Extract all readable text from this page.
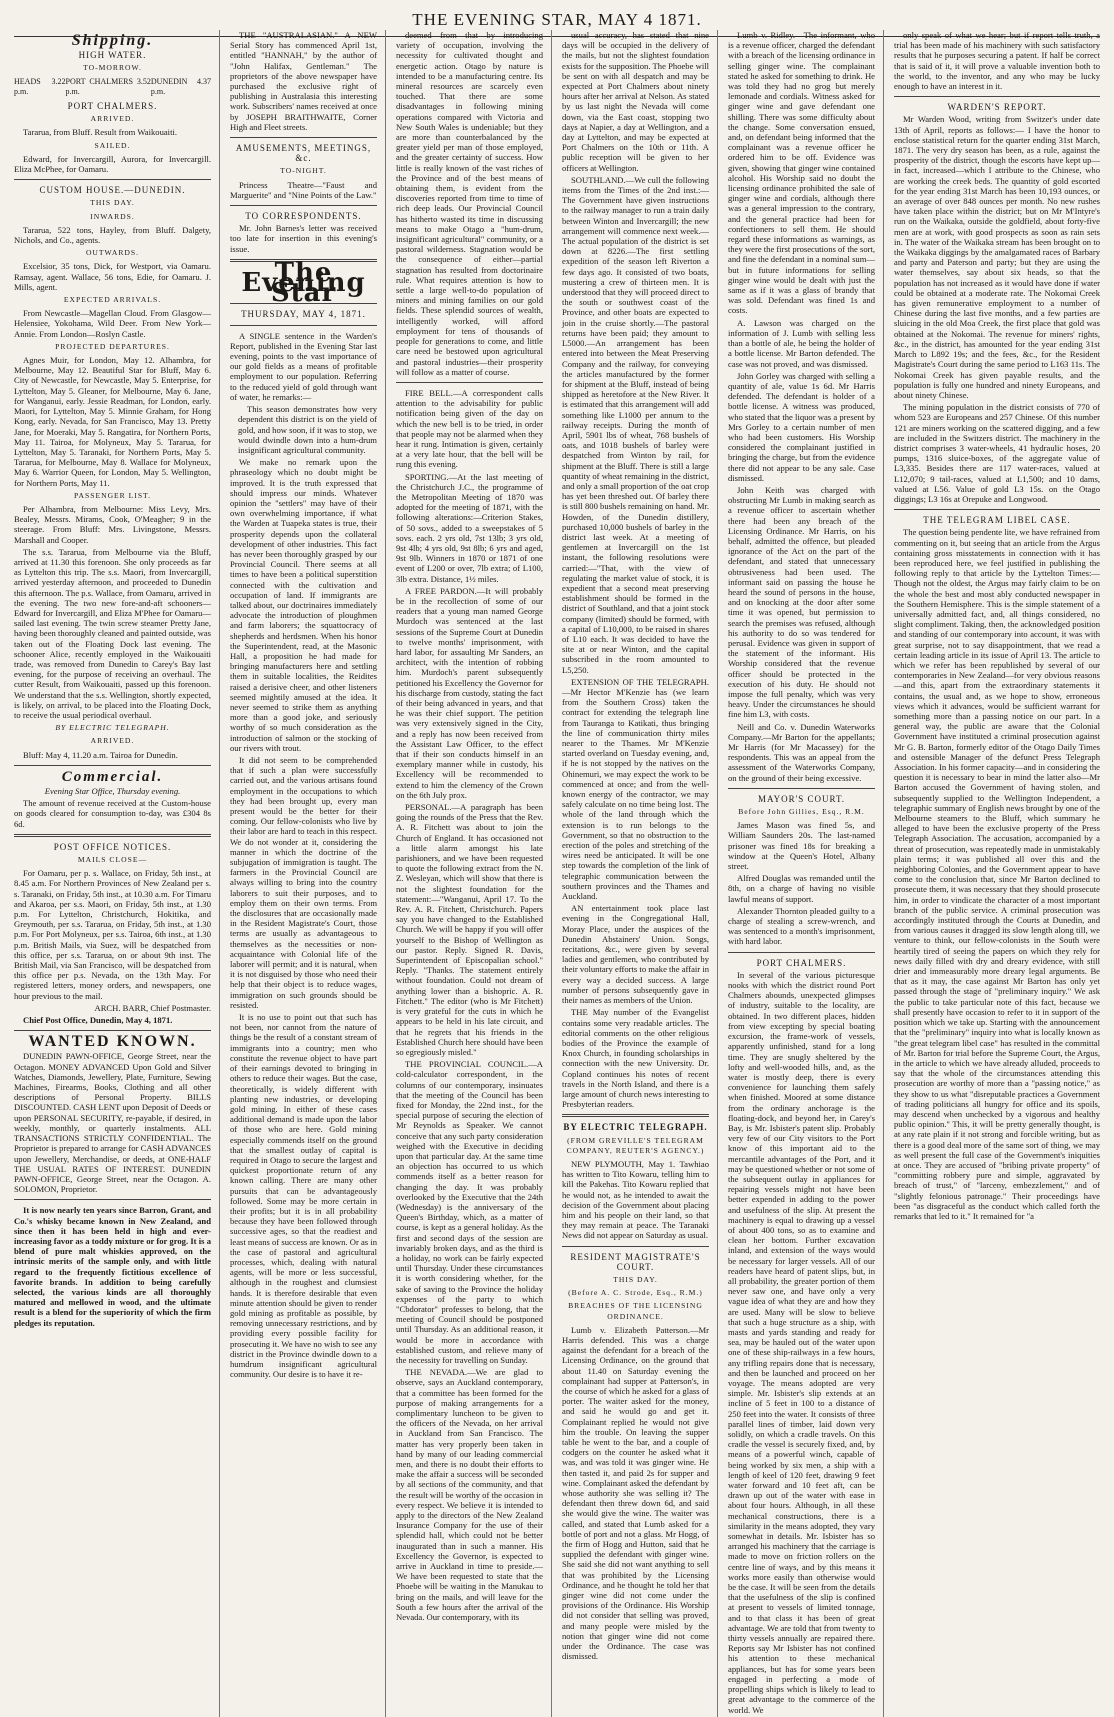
THE EVENING STAR, MAY 4 1871.
Shipping.
HIGH WATER.
TO-MORROW.
HEADS 3.22 p.m.
PORT CHALMERS 3.52 p.m.
DUNEDIN 4.37 p.m.
PORT CHALMERS.
ARRIVED.

Tararua, from Bluff. Result from Waikouaiti.

SAILED.

Edward, for Invercargill, Aurora, for Invercargill. Eliza McPhee, for Oamaru.

CUSTOM HOUSE.—DUNEDIN.
THIS DAY.
INWARDS.

Tararua, 522 tons, Hayley, from Bluff. Dalgety, Nichols, and Co., agents.

OUTWARDS.

Excelsior, 35 tons, Dick, for Westport, via Oamaru. Ramsay, agent. Wallace, 56 tons, Edie, for Oamaru. J. Mills, agent.

EXPECTED ARRIVALS.

From Newcastle—Magellan Cloud. From Glasgow—Helensiee, Yokohama, Wild Deer. From New York—Annie. From London—Roslyn Castle.

PROJECTED DEPARTURES.

Agnes Muir, for London, May 12. Alhambra, for Melbourne, May 12. Beautiful Star for Bluff, May 6. City of Newcastle, for Newcastle, May 5. Enterprise, for Lyttelton, May 5. Gleaner, for Melbourne, May 6. Jane, for Wanganui, early. Jessie Readman, for London, early. Maori, for Lyttelton, May 5. Minnie Graham, for Hong Kong, early. Nevada, for San Francisco, May 13. Pretty Jane, for Moeraki, May 5. Rangatira, for Northern Ports, May 11. Tairoa, for Molyneux, May 5. Tararua, for Lyttelton, May 5. Taranaki, for Northern Ports, May 5. Tararua, for Melbourne, May 8. Wallace for Molyneux, May 6. Warrior Queen, for London, May 5. Wellington, for Northern Ports, May 11.

PASSENGER LIST.

Per Alhambra, from Melbourne: Miss Levy, Mrs. Bealey, Messrs. Mirams, Cook, O'Meagher; 9 in the steerage. From Bluff: Mrs. Livingstone, Messrs. Marshall and Cooper.

The s.s. Tararua, from Melbourne via the Bluff, arrived at 11.30 this forenoon. She only proceeds as far as Lyttelton this trip. The s.s. Maori, from Invercargill, arrived yesterday afternoon, and proceeded to Dunedin this afternoon. The p.s. Wallace, from Oamaru, arrived in the evening. The two new fore-and-aft schooners—Edward for Invercargill, and Eliza M'Phee for Oamaru—sailed last evening. The twin screw steamer Pretty Jane, having been thoroughly cleaned and painted outside, was taken out of the Floating Dock last evening. The schooner Alice, recently employed in the Waikouaiti trade, was removed from Dunedin to Carey's Bay last evening, for the purpose of receiving an overhaul. The cutter Result, from Waikouaiti, passed up this forenoon. We understand that the s.s. Wellington, shortly expected, is likely, on arrival, to be placed into the Floating Dock, to receive the usual periodical overhaul.

BY ELECTRIC TELEGRAPH.
ARRIVED.

Bluff: May 4, 11.20 a.m. Tairoa for Dunedin.

Commercial.

Evening Star Office, Thursday evening.

The amount of revenue received at the Custom-house on goods cleared for consumption to-day, was £304 8s 6d.

POST OFFICE NOTICES.
MAILS CLOSE—

For Oamaru, per p. s. Wallace, on Friday, 5th inst., at 8.45 a.m. For Northern Provinces of New Zealand per s. s. Taranaki, on Friday, 5th inst., at 10.30 a.m. For Timaru and Akaroa, per s.s. Maori, on Friday, 5th inst., at 1.30 p.m. For Lyttelton, Christchurch, Hokitika, and Greymouth, per s.s. Tararua, on Friday, 5th inst., at 1.30 p.m. For Port Molyneux, per s.s. Tairoa, 6th inst., at 1.30 p.m. British Mails, via Suez, will be despatched from this office, per s.s. Tararua, on or about 9th inst. The British Mail, via San Francisco, will be despatched from this office per p.s. Nevada, on the 13th May. For registered letters, money orders, and newspapers, one hour previous to the mail.

ARCH. BARR, Chief Postmaster.

Chief Post Office, Dunedin, May 4, 1871.

WANTED KNOWN.

DUNEDIN PAWN-OFFICE, George Street, near the Octagon. MONEY ADVANCED Upon Gold and Silver Watches, Diamonds, Jewellery, Plate, Furniture, Sewing Machines, Firearms, Books, Clothing and all other descriptions of Personal Property. BILLS DISCOUNTED. CASH LENT upon Deposit of Deeds or upon PERSONAL SECURITY, re-payable, if desired, in weekly, monthly, or quarterly instalments. ALL TRANSACTIONS STRICTLY CONFIDENTIAL. The Proprietor is prepared to arrange for CASH ADVANCES upon Jewellery, Merchandise, or deeds, at ONE-HALF THE USUAL RATES OF INTEREST. DUNEDIN PAWN-OFFICE, George Street, near the Octagon. A. SOLOMON, Proprietor.

It is now nearly ten years since Barron, Grant, and Co.'s whisky became known in New Zealand, and since then it has been held in high and ever-increasing favor as a toddy mixture or for grog. It is a blend of pure malt whiskies approved, on the intrinsic merits of the sample only, and with little regard to the frequently fictitious excellence of favorite brands. In addition to being carefully selected, the various kinds are all thoroughly matured and mellowed in wood, and the ultimate result is a blend for the superiority of which the firm pledges its reputation.

THE "AUSTRALASIAN." A NEW Serial Story has commenced April 1st, entitled "HANNAH," by the author of "John Halifax, Gentleman." The proprietors of the above newspaper have purchased the exclusive right of publishing in Australasia this interesting work. Subscribers' names received at once by JOSEPH BRAITHWAITE, Corner High and Fleet streets.

AMUSEMENTS, MEETINGS, &c.
TO-NIGHT.

Princess Theatre—"Faust and Marguerite" and "Nine Points of the Law."

TO CORRESPONDENTS.

Mr. John Barnes's letter was received too late for insertion in this evening's issue.

The Evening Star
THURSDAY, MAY 4, 1871.

A SINGLE sentence in the Warden's Report, published in the Evening Star last evening, points to the vast importance of our gold fields as a means of profitable employment to our population. Referring to the reduced yield of gold through want of water, he remarks:—

This season demonstrates how very dependent this district is on the yield of gold, and how soon, if it was to stop, we would dwindle down into a hum-drum insignificant agricultural community.

We make no remark upon the phraseology which no doubt might be improved. It is the truth expressed that should impress our minds. Whatever opinion the "settlers" may have of their own overwhelming importance, if what the Warden at Tuapeka states is true, their prosperity depends upon the collateral development of other industries. This fact has never been thoroughly grasped by our Provincial Council. There seems at all times to have been a political superstition connected with the cultivation and occupation of land. If immigrants are talked about, our doctrinaires immediately advocate the introduction of ploughmen and farm laborers; the squattocracy of shepherds and herdsmen. When his honor the Superintendent, read, at the Masonic Hall, a proposition he had made for bringing manufacturers here and settling them in suitable localities, the Reidites raised a derisive cheer, and other listeners seemed mightily amused at the idea. It never seemed to strike them as anything more than a good joke, and seriously worthy of so much consideration as the introduction of salmon or the stocking of our rivers with trout.

It did not seem to be comprehended that if such a plan were successfully carried out, and the various artisans found employment in the occupations to which they had been brought up, every man present would be the better for their coming. Our fellow-colonists who live by their labor are hard to teach in this respect. We do not wonder at it, considering the manner in which the doctrine of the subjugation of immigration is taught. The farmers in the Provincial Council are always willing to bring into the country laborers to suit their purposes, and to employ them on their own terms. From the disclosures that are occasionally made in the Resident Magistrate's Court, those terms are usually as advantageous to themselves as the necessities or non-acquaintance with Colonial life of the laborer will permit; and it is natural, when it is not disguised by those who need their help that their object is to reduce wages, immigration on such grounds should be resisted.

It is no use to point out that such has not been, nor cannot from the nature of things be the result of a constant stream of immigrants into a country; men who constitute the revenue object to have part of their earnings devoted to bringing in others to reduce their wages. But the case, theoretically, is widely different with planting new industries, or developing gold mining. In either of these cases additional demand is made upon the labor of those who are here. Gold mining especially commends itself on the ground that the smallest outlay of capital is required in Otago to secure the largest and quickest proportionate return of any known calling. There are many other pursuits that can be advantageously followed. Some may be more certain in their profits; but it is in all probability because they have been followed through successive ages, so that the readiest and least means of success are known. Or as in the case of pastoral and agricultural processes, which, dealing with natural agents, will be more or less successful, although in the roughest and clumsiest hands. It is therefore desirable that even minute attention should be given to render gold mining as profitable as possible, by removing unnecessary restrictions, and by providing every possible facility for prosecuting it. We have no wish to see any district in the Province dwindle down to a humdrum insignificant agricultural community. Our desire is to have it re-

deemed from that by introducing variety of occupation, involving the necessity for cultivated thought and energetic action. Otago by nature is intended to be a manufacturing centre. Its mineral resources are scarcely even touched. That there are some disadvantages in following mining operations compared with Victoria and New South Wales is undeniable; but they are more than counterbalanced by the greater yield per man of those employed, and the greater certainty of success. How little is really known of the vast riches of the Province and of the best means of obtaining them, is evident from the discoveries reported from time to time of rich deep leads. Our Provincial Council has hitherto wasted its time in discussing means to make Otago a "hum-drum, insignificant agricultural" community, or a pastoral wilderness. Stagnation would be the consequence of either—partial stagnation has resulted from doctorinaire rule. What requires attention is how to settle a large well-to-do population of miners and mining families on our gold fields. These splendid sources of wealth, intelligently worked, will afford employment for tens of thousands of people for generations to come, and little care need be bestowed upon agricultural and pastoral industries—their prosperity will follow as a matter of course.

FIRE BELL.—A correspondent calls attention to the advisability for public notification being given of the day on which the new bell is to be tried, in order that people may not be alarmed when they hear it rung. Intimation is given, certainly at a very late hour, that the bell will be rung this evening.

SPORTING.—At the last meeting of the Christchurch J.C., the programme of the Metropolitan Meeting of 1870 was adopted for the meeting of 1871, with the following alterations:—Criterion Stakes, of 50 sovs., added to a sweepstakes of 5 sovs. each. 2 yrs old, 7st 13lb; 3 yrs old, 9st 4lb; 4 yrs old, 9st 8lb; 6 yrs and aged, 9st 9lb. Winners in 1870 or 1871 of one event of L200 or over, 7lb extra; of L100, 3lb extra. Distance, 1½ miles.

A FREE PARDON.—It will probably be in the recollection of some of our readers that a young man named George Murdoch was sentenced at the last sessions of the Supreme Court at Dunedin to twelve months' imprisonment, with hard labor, for assaulting Mr Sanders, an architect, with the intention of robbing him. Murdoch's parent subsequently petitioned his Excellency the Governor for his discharge from custody, stating the fact of their being advanced in years, and that he was their chief support. The petition was very extensively signed in the City, and a reply has now been received from the Assistant Law Officer, to the effect that if their son conducts himself in an exemplary manner while in custody, his Excellency will be recommended to extend to him the clemency of the Crown on the 6th July prox.

PERSONAL.—A paragraph has been going the rounds of the Press that the Rev. A. R. Fitchett was about to join the Church of England. It has occasioned not a little alarm amongst his late parishioners, and we have been requested to quote the following extract from the N. Z. Wesleyan, which will show that there is not the slightest foundation for the statement:—"Wanganui, April 17. To the Rev. A. R. Fitchett, Christchurch. Papers say you have changed to the Established Church. We will be happy if you will offer yourself to the Bishop of Wellington as our pastor. Reply. Signed R. Davis, Superintendent of Episcopalian school." Reply. "Thanks. The statement entirely without foundation. Could not dream of anything lower than a bishopric. A. R. Fitchett." The editor (who is Mr Fitchett) is very grateful for the cuts in which he appears to be held in his late circuit, and that he regrets that his friends in the Established Church here should have been so egregiously misled."

THE PROVINCIAL COUNCIL.—A cold-calculator correspondent, in the columns of our contemporary, insinuates that the meeting of the Council has been fixed for Monday, the 22nd inst., for the special purpose of securing the election of Mr Reynolds as Speaker. We cannot conceive that any such party consideration weighed with the Executive in deciding upon that particular day. At the same time an objection has occurred to us which commends itself as a better reason for changing the day. It was probably overlooked by the Executive that the 24th (Wednesday) is the anniversary of the Queen's Birthday, which, as a matter of course, is kept as a general holiday. As the first and second days of the session are invariably broken days, and as the third is a holiday, no work can be fairly expected until Thursday. Under these circumstances it is worth considering whether, for the sake of saving to the Province the holiday expenses of the party to which "Cbdorator" professes to belong, that the meeting of Council should be postponed until Thursday. As an additional reason, it would be more in accordance with established custom, and relieve many of the necessity for travelling on Sunday.

THE NEVADA.—We are glad to observe, says an Auckland contemporary, that a committee has been formed for the purpose of making arrangements for a complimentary luncheon to be given to the officers of the Nevada, on her arrival in Auckland from San Francisco. The matter has very properly been taken in hand by many of our leading commercial men, and there is no doubt their efforts to make the affair a success will be seconded by all sections of the community, and that the result will be worthy of the occasion in every respect. We believe it is intended to apply to the directors of the New Zealand Insurance Company for the use of their splendid hall, which could not be better inaugurated than in such a manner. His Excellency the Governor, is expected to arrive in Auckland in time to preside.—We have been requested to state that the Phoebe will be waiting in the Manukau to bring on the mails, and will leave for the South a few hours after the arrival of the Nevada. Our contemporary, with its

usual accuracy, has stated that nine days will be occupied in the delivery of the mails, but not the slightest foundation exists for the supposition. The Phoebe will be sent on with all despatch and may be expected at Port Chalmers about ninety hours after her arrival at Nelson. As stated by us last night the Nevada will come down, via the East coast, stopping two days at Napier, a day at Wellington, and a day at Lyttelton, and may be expected at Port Chalmers on the 10th or 11th. A public reception will be given to her officers at Wellington.

SOUTHLAND.—We cull the following items from the Times of the 2nd inst.:—The Government have given instructions to the railway manager to run a train daily between Winton and Invercargill; the new arrangement will commence next week.—The actual population of the district is set down at 8226.—The first settling expedition of the season left Riverton a few days ago. It consisted of two boats, mustering a crew of thirteen men. It is understood that they will proceed direct to the south or southwest coast of the Province, and other boats are expected to join in the cruise shortly.—The pastoral returns have been paid; they amount to L5000.—An arrangement has been entered into between the Meat Preserving Company and the railway, for conveying the articles manufactured by the former for shipment at the Bluff, instead of being shipped as heretofore at the New River. It is estimated that this arrangement will add something like L1000 per annum to the railway receipts. During the month of April, 5901 lbs of wheat, 768 bushels of oats, and 1018 bushels of barley were despatched from Winton by rail, for shipment at the Bluff. There is still a large quantity of wheat remaining in the district, and only a small proportion of the oat crop has yet been threshed out. Of barley there is still 800 bushels remaining on hand. Mr. Howden, of the Dunedin distillery, purchased 10,000 bushels of barley in the district last week. At a meeting of gentlemen at Invercargill on the 1st instant, the following resolutions were carried:—"That, with the view of regulating the market value of stock, it is expedient that a second meat preserving establishment should be formed in the district of Southland, and that a joint stock company (limited) should be formed, with a capital of L10,000, to be raised in shares of L10 each. It was decided to have the site at or near Winton, and the capital subscribed in the room amounted to L5,250.

EXTENSION OF THE TELEGRAPH.—Mr Hector M'Kenzie has (we learn from the Southern Cross) taken the contract for extending the telegraph line from Tauranga to Katikati, thus bringing the line of communication thirty miles nearer to the Thames. Mr M'Kenzie started overland on Tuesday evening, and, if he is not stopped by the natives on the Ohinemuri, we may expect the work to be commenced at once; and from the well-known energy of the contractor, we may safely calculate on no time being lost. The whole of the land through which the extension is to run belongs to the Government, so that no obstruction to the erection of the poles and stretching of the wires need be anticipated. It will be one step towards the completion of the link of telegraphic communication between the southern provinces and the Thames and Auckland.

AN entertainment took place last evening in the Congregational Hall, Moray Place, under the auspices of the Dunedin Abstainers' Union. Songs, recitations, &c., were given by several ladies and gentlemen, who contributed by their voluntary efforts to make the affair in every way a decided success. A large number of persons subsequently gave in their names as members of the Union.

THE May number of the Evangelist contains some very readable articles. The editorial comments on the other religious bodies of the Province the example of Knox Church, in founding scholarships in connection with the new University. Dr. Copland continues his notes of recent travels in the North Island, and there is a large amount of church news interesting to Presbyterian readers.

BY ELECTRIC TELEGRAPH.
(FROM GREVILLE'S TELEGRAM COMPANY, REUTER'S AGENCY.)

NEW PLYMOUTH, May 1. Tawhiao has written to Tito Kowaru, telling him to kill the Pakehas. Tito Kowaru replied that he would not, as he intended to await the decision of the Government about placing him and his people on their land, so that they may remain at peace. The Taranaki News did not appear on Saturday as usual.

RESIDENT MAGISTRATE'S COURT.
THIS DAY.
(Before A. C. Strode, Esq., R.M.)
BREACHES OF THE LICENSING ORDINANCE.

Lumb v. Elizabeth Patterson.—Mr Harris defended. This was a charge against the defendant for a breach of the Licensing Ordinance, on the ground that about 11.40 on Saturday evening the complainant had supper at Patterson's, in the course of which he asked for a glass of porter. The waiter asked for the money, and said he would go and get it. Complainant replied he would not give him the trouble. On leaving the supper table he went to the bar, and a couple of codgers on the counter he asked what it was, and was told it was ginger wine. He then tasted it, and paid 2s for supper and wine. Complainant asked the defendant by whose authority she was selling it? The defendant then threw down 6d, and said she would give the wine. The waiter was called, and stated that Lumb asked for a bottle of port and not a glass. Mr Hogg, of the firm of Hogg and Hutton, said that he supplied the defendant with ginger wine. She said she did not want anything to sell that was prohibited by the Licensing Ordinance, and he thought he told her that ginger wine did not come under the provisions of the Ordinance. His Worship did not consider that selling was proved, and many people were misled by the notion that ginger wine did not come under the Ordinance. The case was dismissed.

Lumb v. Ridley.—The informant, who is a revenue officer, charged the defendant with a breach of the licensing ordinance in selling ginger wine. The complainant stated he asked for something to drink. He was told they had no grog but merely lemonade and cordials. Witness asked for ginger wine and gave defendant one shilling. There was some difficulty about the change. Some conversation ensued, and, on defendant being informed that the complainant was a revenue officer he ordered him to be off. Evidence was given, showing that ginger wine contained alcohol. His Worship said no doubt the licensing ordinance prohibited the sale of ginger wine and cordials, although there was a general impression to the contrary, and the general practice had been for confectioners to sell them. He should regard these informations as warnings, as they were the first prosecutions of the sort, and fine the defendant in a nominal sum—but in future informations for selling ginger wine would be dealt with just the same as if it was a glass of brandy that was sold. Defendant was fined 1s and costs.

A. Lawson was charged on the information of J. Lumb with selling less than a bottle of ale, he being the holder of a bottle license. Mr Barton defended. The case was not proved, and was dismissed.

John Gorley was charged with selling a quantity of ale, value 1s 6d. Mr Harris defended. The defendant is holder of a bottle license. A witness was produced, who stated that the liquor was a present by Mrs Gorley to a certain number of men who had been customers. His Worship considered the complainant justified in bringing the charge, but from the evidence there did not appear to be any sale. Case dismissed.

John Keith was charged with obstructing Mr Lumb in making search as a revenue officer to ascertain whether there had been any breach of the Licensing Ordinance. Mr Harris, on his behalf, admitted the offence, but pleaded ignorance of the Act on the part of the defendant, and stated that unnecessary obtrusiveness had been used. The informant said on passing the house he heard the sound of persons in the house, and on knocking at the door after some time it was opened, but permission to search the premises was refused, although his authority to do so was tendered for perusal. Evidence was given in support of the statement of the informant. His Worship considered that the revenue officer should be protected in the execution of his duty. He should not impose the full penalty, which was very heavy. Under the circumstances he should fine him L3, with costs.

Neill and Co. v. Dunedin Waterworks Company.—Mr Barton for the appellants; Mr Harris (for Mr Macassey) for the respondents. This was an appeal from the assessment of the Waterworks Company, on the ground of their being excessive.

MAYOR'S COURT.
Before John Gillies, Esq., R.M.

James Mason was fined 5s, and William Saunders 20s. The last-named prisoner was fined 18s for breaking a window at the Queen's Hotel, Albany street.

Alfred Douglas was remanded until the 8th, on a charge of having no visible lawful means of support.

Alexander Thornton pleaded guilty to a charge of stealing a screw-wrench, and was sentenced to a month's imprisonment, with hard labor.

PORT CHALMERS.

In several of the various picturesque nooks with which the district round Port Chalmers abounds, unexpected glimpses of industry, suitable to the locality, are obtained. In two different places, hidden from view excepting by special boating excursion, the frame-work of vessels, apparently unfinished, stand for a long time. They are snugly sheltered by the lofty and well-wooded hills, and, as the water is mostly deep, there is every convenience for launching them safely when finished. Moored at some distance from the ordinary anchorage is the floating-dock, and beyond her, in Carey's Bay, is Mr. Isbister's patent slip. Probably very few of our City visitors to the Port know of this important aid to the mercantile advantages of the Port, and it may be questioned whether or not some of the subsequent outlay in appliances for repairing vessels might not have been better expended in adding to the power and usefulness of the slip. At present the machinery is equal to drawing up a vessel of about 400 tons, so as to examine and clean her bottom. Further excavation inland, and extension of the ways would be necessary for larger vessels. All of our readers have heard of patent slips, but, in all probability, the greater portion of them never saw one, and have only a very vague idea of what they are and how they are used. Many will be slow to believe that such a huge structure as a ship, with masts and yards standing and ready for sea, may be hauled out of the water upon one of these ship-railways in a few hours, any trifling repairs done that is necessary, and then be launched and proceed on her voyage. The means adopted are very simple. Mr. Isbister's slip extends at an incline of 5 feet in 100 to a distance of 250 feet into the water. It consists of three parallel lines of timber, laid down very solidly, on which a cradle travels. On this cradle the vessel is securely fixed, and, by means of a powerful winch, capable of being worked by six men, a ship with a length of keel of 120 feet, drawing 9 feet water forward and 10 feet aft, can be drawn up out of the water with ease in about four hours. Although, in all these mechanical constructions, there is a similarity in the means adopted, they vary somewhat in details. Mr. Isbister has so arranged his machinery that the carriage is made to move on friction rollers on the centre line of ways, and by this means it works more easily than otherwise would be the case. It will be seen from the details that the usefulness of the slip is confined at present to vessels of limited tonnage, and to that class it has been of great advantage. We are told that from twenty to thirty vessels annually are repaired there. Reports say Mr Isbister has not confined his attention to these mechanical appliances, but has for some years been engaged in perfecting a mode of propelling ships which is likely to lead to great advantage to the commerce of the world. We

only speak of what we hear; but if report tells truth, a trial has been made of his machinery with such satisfactory results that he purposes securing a patent. If half be correct that is said of it, it will prove a valuable invention both to the world, to the inventor, and any who may be lucky enough to have an interest in it.

WARDEN'S REPORT.

Mr Warden Wood, writing from Switzer's under date 13th of April, reports as follows:— I have the honor to enclose statistical return for the quarter ending 31st March, 1871. The very dry season has been, as a rule, against the prosperity of the district, though the escorts have kept up—in fact, increased—which I attribute to the Chinese, who are working the creek beds. The quantity of gold escorted for the year ending 31st March has been 10,193 ounces, or an average of over 848 ounces per month. No new rushes have taken place within the district; but on Mr M'Intyre's run on the Waikaka, outside the goldfield, about forty-five men are at work, with good prospects as soon as rain sets in. The water of the Waikaka stream has been brought on to the Waikaka diggings by the amalgamated races of Barbary and party and Paterson and party; but they are using the water themselves, say about six heads, so that the population has not increased as it would have done if water could be obtained at a moderate rate. The Nokomai Creek has given remunerative employment to a number of Chinese during the last five months, and a few parties are sluicing in the old Moa Creek, the first place that gold was obtained at the Nokomai. The revenue for miners' rights, &c., in the district, has amounted for the year ending 31st March to L892 19s; and the fees, &c., for the Resident Magistrate's Court during the same period to L163 11s. The Nokomai Creek has given payable results, and the population is fully one hundred and ninety Europeans, and about ninety Chinese.

The mining population in the district consists of 770 of whom 523 are Europeans and 257 Chinese. Of this number 121 are miners working on the scattered digging, and a few are included in the Switzers district. The machinery in the district comprises 3 water-wheels, 41 hydraulic hoses, 20 pumps, 1316 sluice-boxes, of the aggregate value of L3,335. Besides there are 117 water-races, valued at L12,070; 9 tail-races, valued at L1,500; and 10 dams, valued at L56. Value of gold L3 15s. on the Otago diggings; L3 16s at Orepuke and Longwood.

THE TELEGRAM LIBEL CASE.

The question being pendente lite, we have refrained from commenting on it, but seeing that an article from the Argus containing gross misstatements in connection with it has been reproduced here, we feel justified in publishing the following reply to that article by the Lyttelton Times:— Though not the oldest, the Argus may fairly claim to be on the whole the best and most ably conducted newspaper in the Southern Hemisphere. This is the simple statement of a universally admitted fact, and, all things considered, no slight compliment. Taking, then, the acknowledged position and standing of our contemporary into account, it was with great surprise, not to say disappointment, that we read a certain leading article in its issue of April 13. The article to which we refer has been republished by several of our contemporaries in New Zealand—for very obvious reasons—and this, apart from the extraordinary statements it contains, the usual and, as we hope to show, erroneous views which it advances, would be sufficient warrant for something more than a passing notice on our part. In a general way, the public are aware that the Colonial Government have instituted a criminal prosecution against Mr G. B. Barton, formerly editor of the Otago Daily Times and ostensible Manager of the defunct Press Telegraph Association. In his former capacity—and in considering the question it is necessary to bear in mind the latter also—Mr Barton accused the Government of having stolen, and subsequently supplied to the Wellington Independent, a telegraphic summary of English news brought by one of the Melbourne steamers to the Bluff, which summary he alleged to have been the exclusive property of the Press Telegraph Association. The accusation, accompanied by a threat of prosecution, was repeatedly made in unmistakably plain terms; it was published all over this and the neighboring Colonies, and the Government appear to have come to the conclusion that, since Mr Barton declined to prosecute them, it was necessary that they should prosecute him, in order to vindicate the character of a most important branch of the public service. A criminal prosecution was accordingly instituted through the Courts at Dunedin, and from various causes it dragged its slow length along till, we venture to think, our fellow-colonists in the South were heartily tired of seeing the papers on which they rely for news daily filled with dry and dreary evidence, with still drier and immeasurably more dreary legal arguments. Be that as it may, the case against Mr Barton has only yet passed through the stage of "preliminary inquiry." We ask the public to take particular note of this fact, because we shall presently have occasion to refer to it in support of the position which we take up. Starting with the announcement that the "preliminary" inquiry into what is locally known as "the great telegram libel case" has resulted in the committal of Mr. Barton for trial before the Supreme Court, the Argus, in the article to which we have already alluded, proceeds to say that the whole of the circumstances attending this prosecution are worthy of more than a "passing notice," as they show to us what "disreputable practices a Government of trading politicians all hungry for office and its spoils, may descend when unchecked by a vigorous and healthy public opinion." This, it will be pretty generally thought, is at any rate plain if it not strong and forcible writing, but as there is a good deal more of the same sort of thing, we may as well present the full case of the Government's iniquities at once. They are accused of "bribing private property" of "committing robbery pure and simple, aggravated by breach of trust," of "larceny, embezzlement," and of "slightly felonious patronage." Their proceedings have been "as disgraceful as the conduct which called forth the remarks that led to it." It remained for "a
